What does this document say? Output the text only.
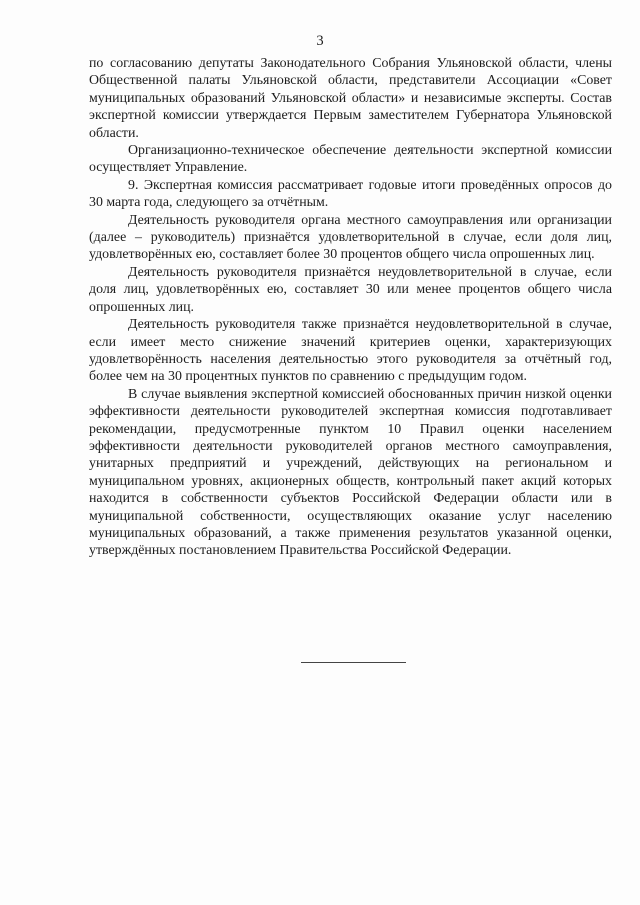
3

по согласованию депутаты Законодательного Собрания Ульяновской области, члены Общественной палаты Ульяновской области, представители Ассоциации «Совет муниципальных образований Ульяновской области» и независимые эксперты. Состав экспертной комиссии утверждается Первым заместителем Губернатора Ульяновской области.

Организационно-техническое обеспечение деятельности экспертной комиссии осуществляет Управление.

9. Экспертная комиссия рассматривает годовые итоги проведённых опросов до 30 марта года, следующего за отчётным.

Деятельность руководителя органа местного самоуправления или организации (далее – руководитель) признаётся удовлетворительной в случае, если доля лиц, удовлетворённых ею, составляет более 30 процентов общего числа опрошенных лиц.

Деятельность руководителя признаётся неудовлетворительной в случае, если доля лиц, удовлетворённых ею, составляет 30 или менее процентов общего числа опрошенных лиц.

Деятельность руководителя также признаётся неудовлетворительной в случае, если имеет место снижение значений критериев оценки, характеризующих удовлетворённость населения деятельностью этого руководителя за отчётный год, более чем на 30 процентных пунктов по сравнению с предыдущим годом.

В случае выявления экспертной комиссией обоснованных причин низкой оценки эффективности деятельности руководителей экспертная комиссия подготавливает рекомендации, предусмотренные пунктом 10 Правил оценки населением эффективности деятельности руководителей органов местного самоуправления, унитарных предприятий и учреждений, действующих на региональном и муниципальном уровнях, акционерных обществ, контрольный пакет акций которых находится в собственности субъектов Российской Федерации области или в муниципальной собственности, осуществляющих оказание услуг населению муниципальных образований, а также применения результатов указанной оценки, утверждённых постановлением Правительства Российской Федерации.
